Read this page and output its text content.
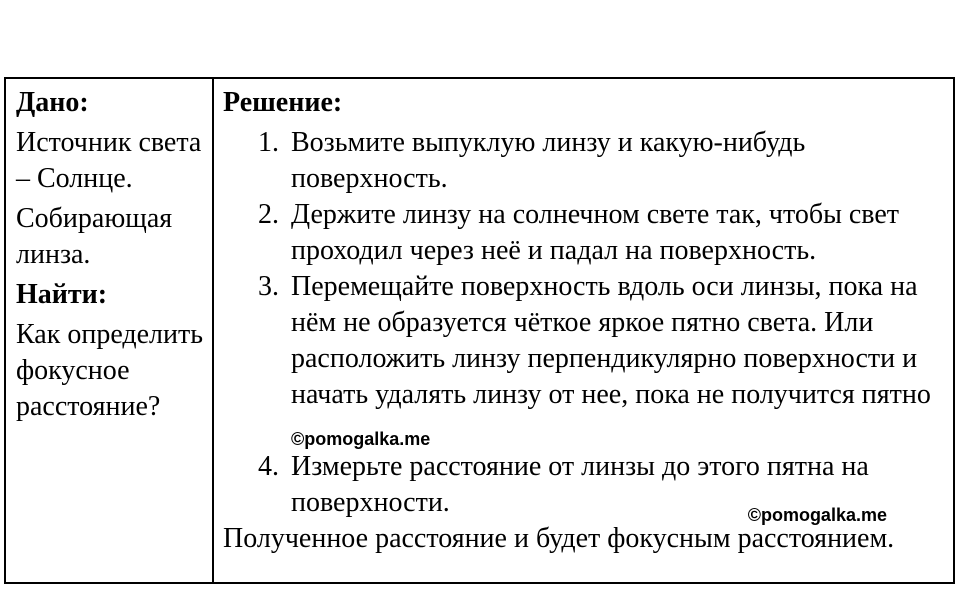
Дано:
Источник света – Солнце.
Собирающая линза.
Найти:
Как определить фокусное расстояние?
Решение:
1. Возьмите выпуклую линзу и какую-нибудь поверхность.
2. Держите линзу на солнечном свете так, чтобы свет проходил через неё и падал на поверхность.
3. Перемещайте поверхность вдоль оси линзы, пока на нём не образуется чёткое яркое пятно света. Или расположить линзу перпендикулярно поверхности и начать удалять линзу от нее, пока не получится пятно©pomogalka.me
4. Измерьте расстояние от линзы до этого пятна на поверхности.
Полученное расстояние и будет фокусным расстоянием.
©pomogalka.me
